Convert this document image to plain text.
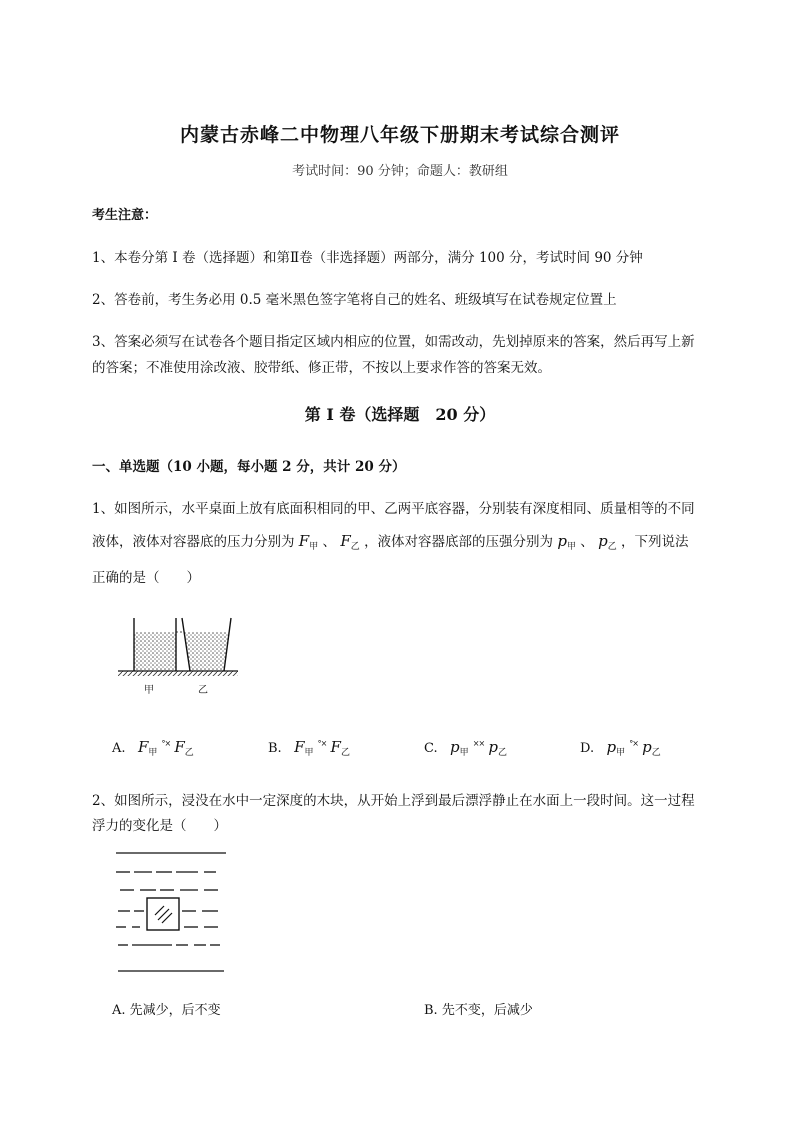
内蒙古赤峰二中物理八年级下册期末考试综合测评
考试时间：90 分钟；命题人：教研组
考生注意：
1、本卷分第 I 卷（选择题）和第Ⅱ卷（非选择题）两部分，满分 100 分，考试时间 90 分钟
2、答卷前，考生务必用 0.5 毫米黑色签字笔将自己的姓名、班级填写在试卷规定位置上
3、答案必须写在试卷各个题目指定区域内相应的位置，如需改动，先划掉原来的答案，然后再写上新
的答案；不准使用涂改液、胶带纸、修正带，不按以上要求作答的答案无效。
第 I 卷（选择题　20 分）
一、单选题（10 小题，每小题 2 分，共计 20 分）
1、如图所示，水平桌面上放有底面积相同的甲、乙两平底容器，分别装有深度相同、质量相等的不同
液体，液体对容器底的压力分别为 $F_甲$ 、 $F_乙$ ，液体对容器底部的压强分别为 $p_甲$ 、 $p_乙$ ，下列说法
正确的是（　　）
甲	乙
A. $F_甲$ °× $F_乙$	B. $F_甲$ °× $F_乙$	C. $p_甲$ ×× $p_乙$	D. $p_甲$ °× $p_乙$
2、如图所示，浸没在水中一定深度的木块，从开始上浮到最后漂浮静止在水面上一段时间。这一过程
浮力的变化是（　　）
A. 先减少，后不变	B. 先不变，后减少
